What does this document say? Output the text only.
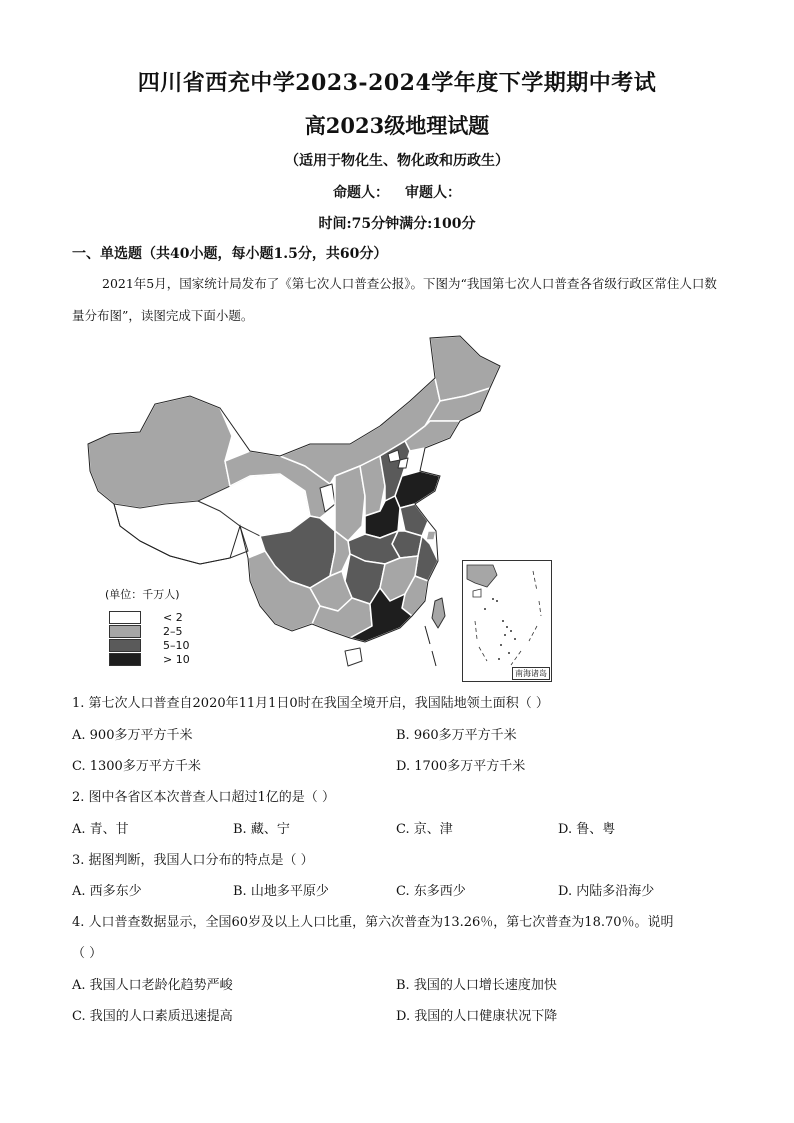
四川省西充中学2023-2024学年度下学期期中考试
高2023级地理试题
（适用于物化生、物化政和历政生）
命题人： 审题人：
时间:75分钟满分:100分
一、单选题（共40小题，每小题1.5分，共60分）

2021年5月，国家统计局发布了《第七次人口普查公报》。下图为“我国第七次人口普查各省级行政区常住人口数量分布图”，读图完成下面小题。

南海诸岛
(单位：千万人)
< 2
2–5
5–10
> 10
1. 第七次人口普查自2020年11月1日0时在我国全境开启，我国陆地领土面积（ ）
A. 900多万平方千米	B. 960多万平方千米
C. 1300多万平方千米	D. 1700多万平方千米
2. 图中各省区本次普查人口超过1亿的是（ ）
A. 青、甘	B. 藏、宁	C. 京、津	D. 鲁、粤
3. 据图判断，我国人口分布的特点是（ ）
A. 西多东少	B. 山地多平原少	C. 东多西少	D. 内陆多沿海少
4. 人口普查数据显示，全国60岁及以上人口比重，第六次普查为13.26％，第七次普查为18.70％。说明
（ ）
A. 我国人口老龄化趋势严峻	B. 我国的人口增长速度加快
C. 我国的人口素质迅速提高	D. 我国的人口健康状况下降
